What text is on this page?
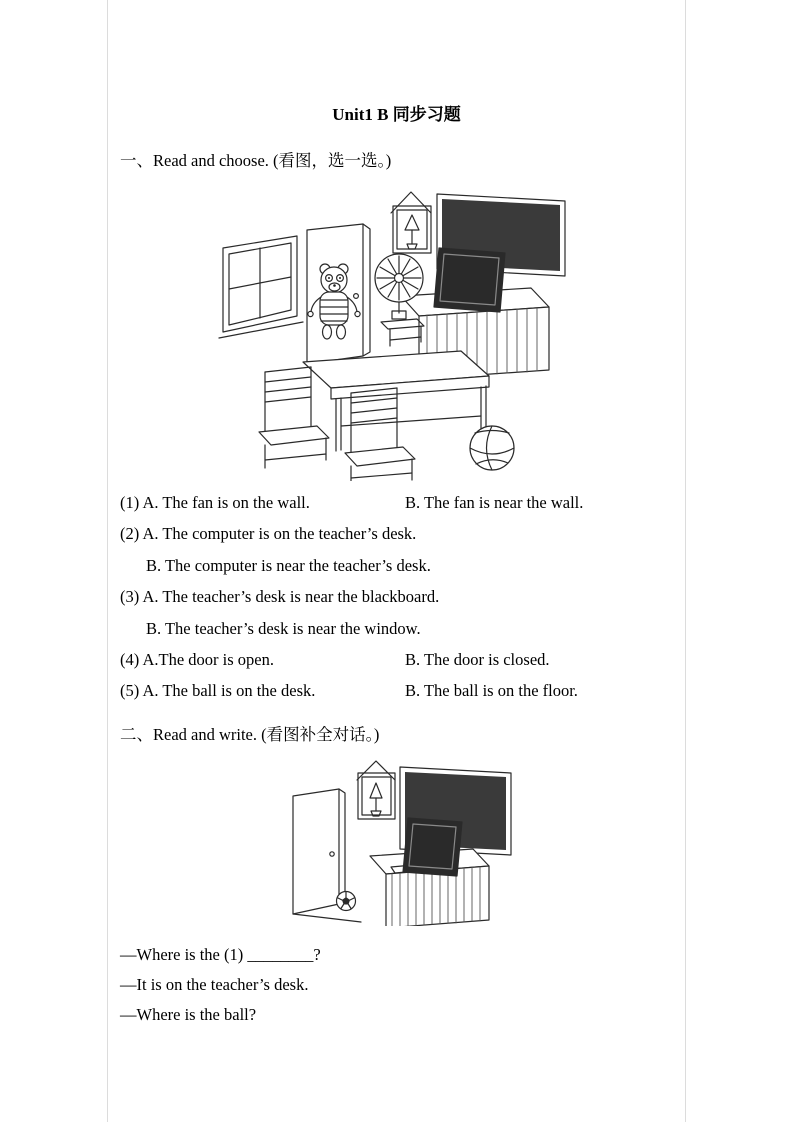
Unit1 B 同步习题
一、Read and choose. (看图，选一选。)
(1) A. The fan is on the wall.	B. The fan is near the wall.
(2) A. The computer is on the teacher’s desk.
B. The computer is near the teacher’s desk.
(3) A. The teacher’s desk is near the blackboard.
B. The teacher’s desk is near the window.
(4) A.The door is open.	B. The door is closed.
(5) A. The ball is on the desk.	B. The ball is on the floor.
二、Read and write. (看图补全对话。)
—Where is the (1) ________?
—It is on the teacher’s desk.
—Where is the ball?
